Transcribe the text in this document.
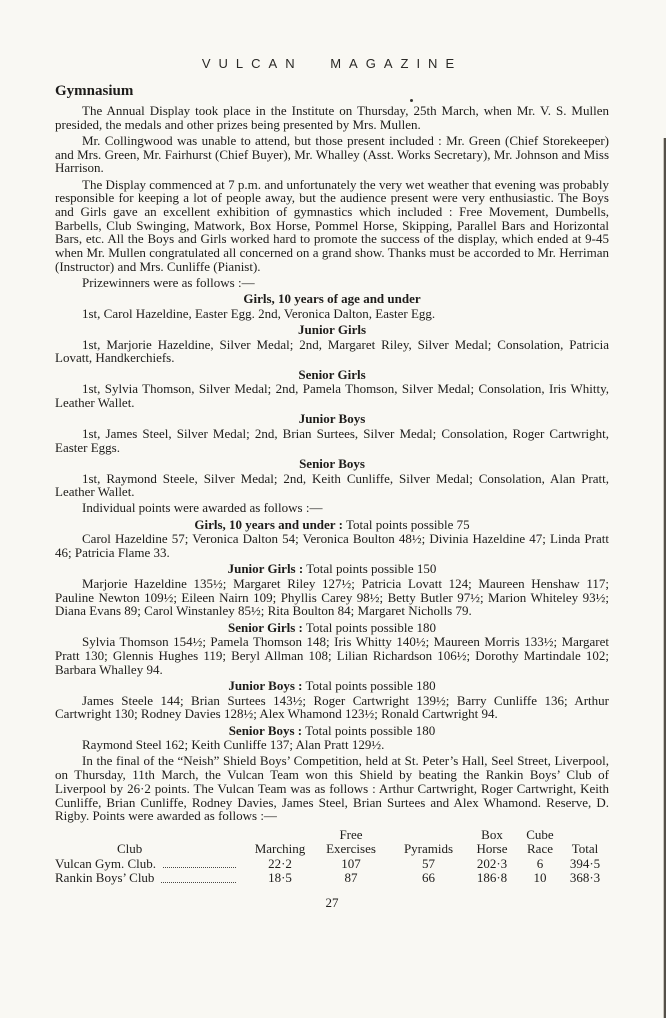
VULCAN MAGAZINE
Gymnasium

The Annual Display took place in the Institute on Thursday, 25th March, when Mr. V. S. Mullen presided, the medals and other prizes being presented by Mrs. Mullen.

Mr. Collingwood was unable to attend, but those present included : Mr. Green (Chief Storekeeper) and Mrs. Green, Mr. Fairhurst (Chief Buyer), Mr. Whalley (Asst. Works Secretary), Mr. Johnson and Miss Harrison.

The Display commenced at 7 p.m. and unfortunately the very wet weather that evening was probably responsible for keeping a lot of people away, but the audience present were very enthusiastic. The Boys and Girls gave an excellent exhibition of gymnastics which included : Free Movement, Dumbells, Barbells, Club Swinging, Matwork, Box Horse, Pommel Horse, Skipping, Parallel Bars and Horizontal Bars, etc. All the Boys and Girls worked hard to promote the success of the display, which ended at 9-45 when Mr. Mullen congratulated all concerned on a grand show. Thanks must be accorded to Mr. Herriman (Instructor) and Mrs. Cunliffe (Pianist).

Prizewinners were as follows :—

Girls, 10 years of age and under

1st, Carol Hazeldine, Easter Egg. 2nd, Veronica Dalton, Easter Egg.

Junior Girls

1st, Marjorie Hazeldine, Silver Medal; 2nd, Margaret Riley, Silver Medal; Consolation, Patricia Lovatt, Handkerchiefs.

Senior Girls

1st, Sylvia Thomson, Silver Medal; 2nd, Pamela Thomson, Silver Medal; Consolation, Iris Whitty, Leather Wallet.

Junior Boys

1st, James Steel, Silver Medal; 2nd, Brian Surtees, Silver Medal; Consolation, Roger Cartwright, Easter Eggs.

Senior Boys

1st, Raymond Steele, Silver Medal; 2nd, Keith Cunliffe, Silver Medal; Consolation, Alan Pratt, Leather Wallet.

Individual points were awarded as follows :—

Girls, 10 years and under : Total points possible 75

Carol Hazeldine 57; Veronica Dalton 54; Veronica Boulton 48½; Divinia Hazeldine 47; Linda Pratt 46; Patricia Flame 33.

Junior Girls : Total points possible 150

Marjorie Hazeldine 135½; Margaret Riley 127½; Patricia Lovatt 124; Maureen Henshaw 117; Pauline Newton 109½; Eileen Nairn 109; Phyllis Carey 98½; Betty Butler 97½; Marion Whiteley 93½; Diana Evans 89; Carol Winstanley 85½; Rita Boulton 84; Margaret Nicholls 79.

Senior Girls : Total points possible 180

Sylvia Thomson 154½; Pamela Thomson 148; Iris Whitty 140½; Maureen Morris 133½; Margaret Pratt 130; Glennis Hughes 119; Beryl Allman 108; Lilian Richardson 106½; Dorothy Martindale 102; Barbara Whalley 94.

Junior Boys : Total points possible 180

James Steele 144; Brian Surtees 143½; Roger Cartwright 139½; Barry Cunliffe 136; Arthur Cartwright 130; Rodney Davies 128½; Alex Whamond 123½; Ronald Cartwright 94.

Senior Boys : Total points possible 180

Raymond Steel 162; Keith Cunliffe 137; Alan Pratt 129½.

In the final of the “Neish” Shield Boys’ Competition, held at St. Peter’s Hall, Seel Street, Liverpool, on Thursday, 11th March, the Vulcan Team won this Shield by beating the Rankin Boys’ Club of Liverpool by 26·2 points. The Vulcan Team was as follows : Arthur Cartwright, Roger Cartwright, Keith Cunliffe, Brian Cunliffe, Rodney Davies, James Steel, Brian Surtees and Alex Whamond. Reserve, D. Rigby. Points were awarded as follows :—

		Free		Box	Cube	
Club	Marching	Exercises	Pyramids	Horse	Race	Total

Vulcan Gym. Club.	22·2	107	57	202·3	6	394·5

Rankin Boys’ Club	18·5	87	66	186·8	10	368·3
27
